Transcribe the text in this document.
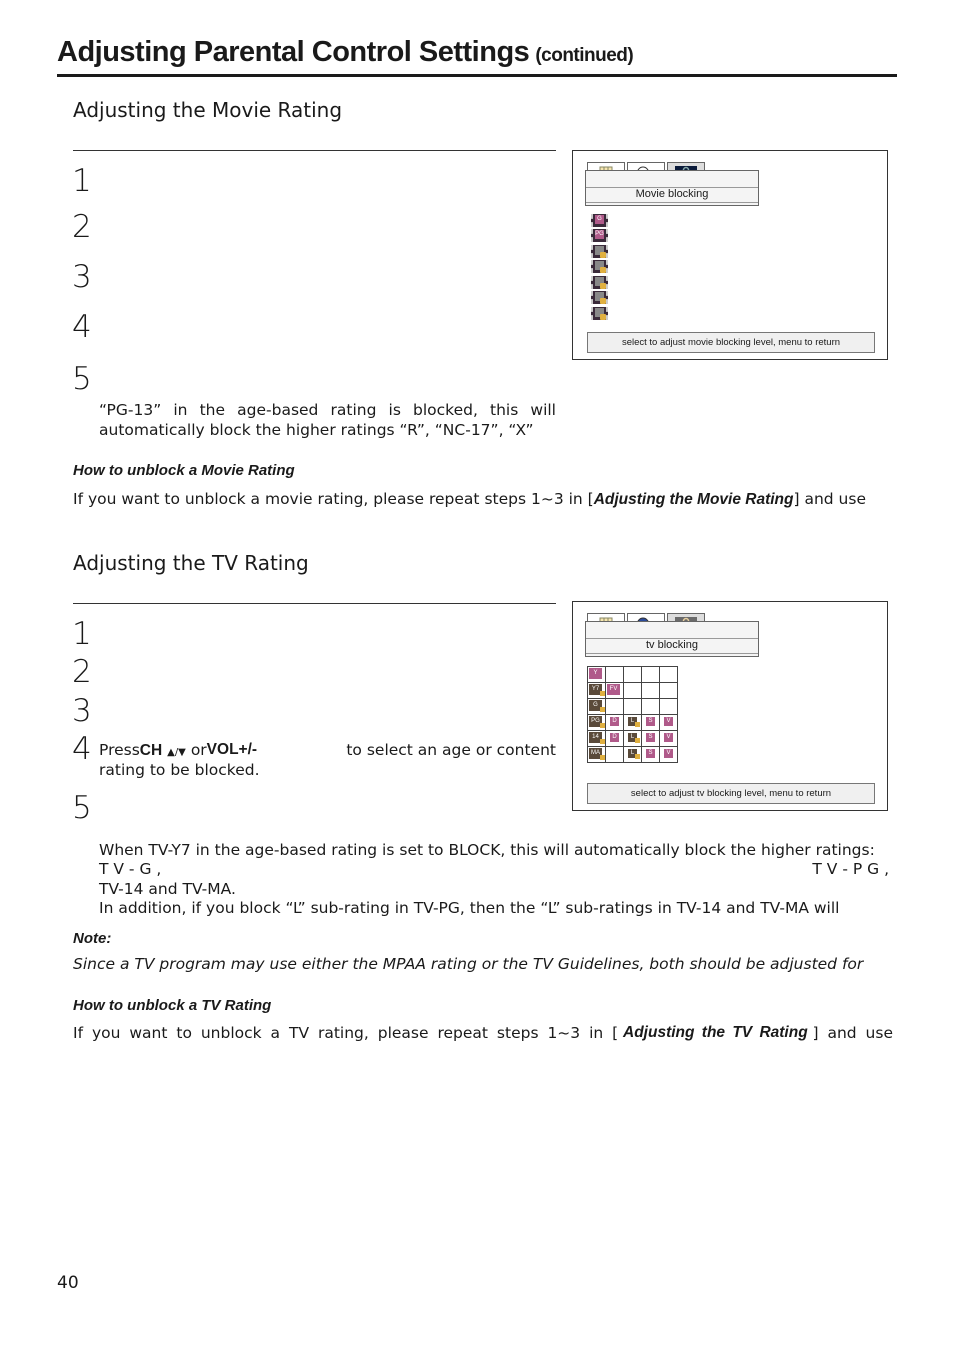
Adjusting Parental Control Settings (continued)
Adjusting the Movie Rating
1
2
3
4
5
“PG-13” in the age-based rating is blocked, this will automatically block the higher ratings “R”, “NC-17”, “X”
Movie blocking
G
PG
select to adjust movie blocking level, menu to return
How to unblock a Movie Rating
If you want to unblock a movie rating, please repeat steps 1~3 in [Adjusting the Movie Rating] and use
Adjusting the TV Rating
1
2
3
4
5
Press CH ▲/▼ or VOL+/-	to select an age or content
rating to be blocked.
tv blocking
Y				

Y7	FV			

G				

PG	D	L	S	V

14	D	L	S	V

MA		L	S	V
select to adjust tv blocking level, menu to return
When TV-Y7 in the age-based rating is set to BLOCK, this will automatically block the higher ratings:
T V - G ,	T V - P G ,
TV-14 and TV-MA.
In addition, if you block “L” sub-rating in TV-PG, then the “L” sub-ratings in TV-14 and TV-MA will
Note:
Since a TV program may use either the MPAA rating or the TV Guidelines, both should be adjusted for
How to unblock a TV Rating
If you want to unblock a TV rating, please repeat steps 1~3 in [ Adjusting the TV Rating ] and use
40
